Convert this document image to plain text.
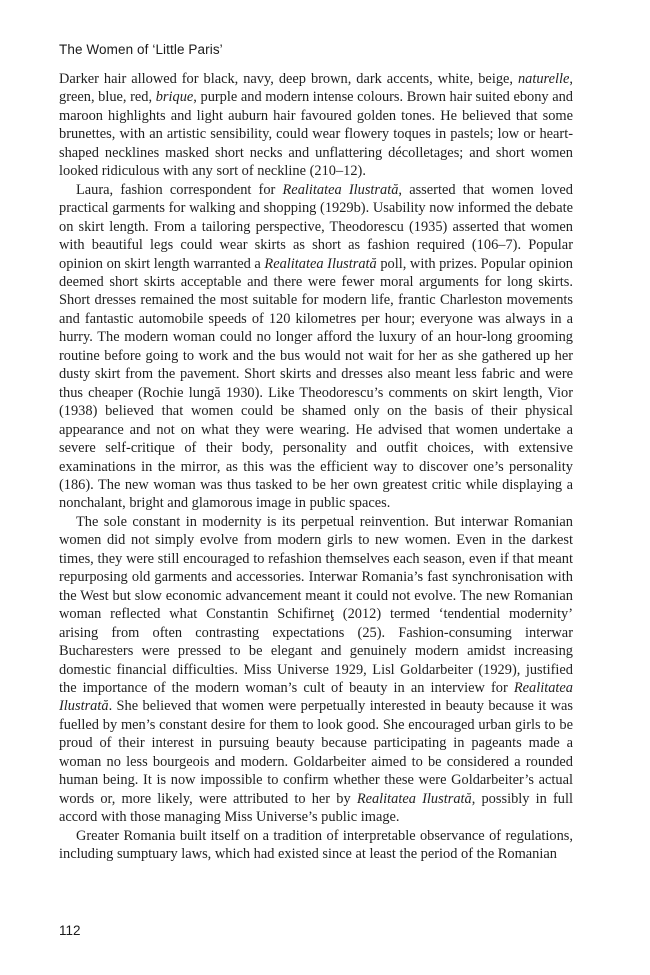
The Women of ‘Little Paris’

Darker hair allowed for black, navy, deep brown, dark accents, white, beige, naturelle, green, blue, red, brique, purple and modern intense colours. Brown hair suited ebony and maroon highlights and light auburn hair favoured golden tones. He believed that some brunettes, with an artistic sensibility, could wear flowery toques in pastels; low or heart-shaped necklines masked short necks and unflattering décolletages; and short women looked ridiculous with any sort of neckline (210–12).

Laura, fashion correspondent for Realitatea Ilustrată, asserted that women loved practical garments for walking and shopping (1929b). Usability now informed the debate on skirt length. From a tailoring perspective, Theodorescu (1935) asserted that women with beautiful legs could wear skirts as short as fashion required (106–7). Popular opinion on skirt length warranted a Realitatea Ilustrată poll, with prizes. Popular opinion deemed short skirts acceptable and there were fewer moral arguments for long skirts. Short dresses remained the most suitable for modern life, frantic Charleston movements and fantastic automobile speeds of 120 kilometres per hour; everyone was always in a hurry. The modern woman could no longer afford the luxury of an hour-long grooming routine before going to work and the bus would not wait for her as she gathered up her dusty skirt from the pavement. Short skirts and dresses also meant less fabric and were thus cheaper (Rochie lungă 1930). Like Theodorescu’s comments on skirt length, Vior (1938) believed that women could be shamed only on the basis of their physical appearance and not on what they were wearing. He advised that women undertake a severe self-critique of their body, personality and outfit choices, with extensive examinations in the mirror, as this was the efficient way to discover one’s personality (186). The new woman was thus tasked to be her own greatest critic while displaying a nonchalant, bright and glamorous image in public spaces.

The sole constant in modernity is its perpetual reinvention. But interwar Romanian women did not simply evolve from modern girls to new women. Even in the darkest times, they were still encouraged to refashion themselves each season, even if that meant repurposing old garments and accessories. Interwar Romania’s fast synchronisation with the West but slow economic advancement meant it could not evolve. The new Romanian woman reflected what Constantin Schifirneţ (2012) termed ‘tendential modernity’ arising from often contrasting expectations (25). Fashion-consuming interwar Bucharesters were pressed to be elegant and genuinely modern amidst increasing domestic financial difficulties. Miss Universe 1929, Lisl Goldarbeiter (1929), justified the importance of the modern woman’s cult of beauty in an interview for Realitatea Ilustrată. She believed that women were perpetually interested in beauty because it was fuelled by men’s constant desire for them to look good. She encouraged urban girls to be proud of their interest in pursuing beauty because participating in pageants made a woman no less bourgeois and modern. Goldarbeiter aimed to be considered a rounded human being. It is now impossible to confirm whether these were Goldarbeiter’s actual words or, more likely, were attributed to her by Realitatea Ilustrată, possibly in full accord with those managing Miss Universe’s public image.

Greater Romania built itself on a tradition of interpretable observance of regulations, including sumptuary laws, which had existed since at least the period of the Romanian

112
